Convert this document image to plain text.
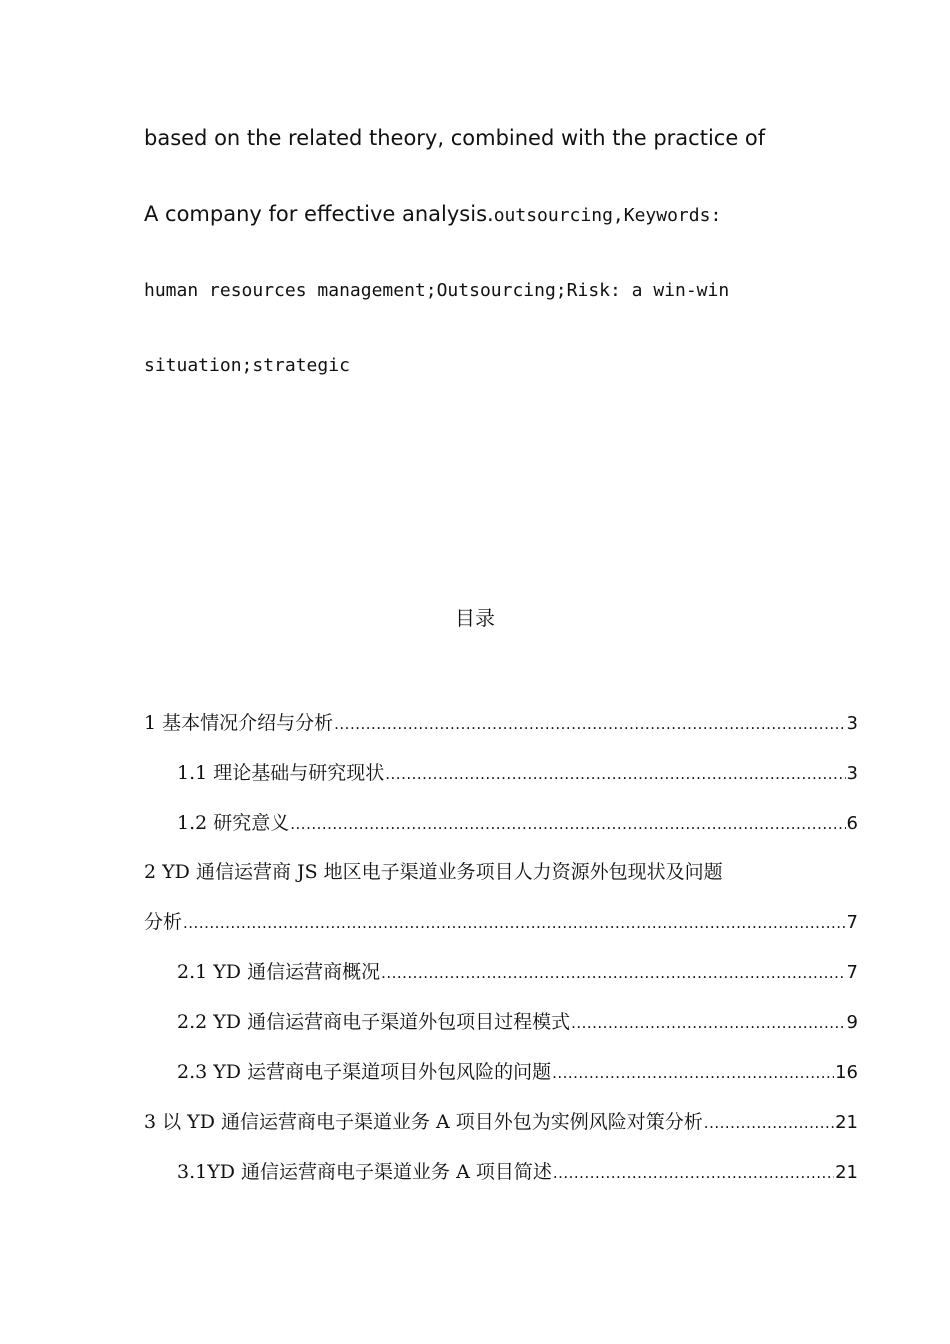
based on the related theory, combined with the practice of
A company for effective analysis.outsourcing,Keywords:
human resources management;Outsourcing;Risk: a win-win
situation;strategic
目录
1 基本情况介绍与分析 .....	3
1.1 理论基础与研究现状 .....	3
1.2 研究意义 .....	6
2 YD 通信运营商 JS 地区电子渠道业务项目人力资源外包现状及问题
分析 .....	7
2.1 YD 通信运营商概况 .....	7
2.2 YD 通信运营商电子渠道外包项目过程模式 .....	9
2.3 YD 运营商电子渠道项目外包风险的问题 .....	16
3 以 YD 通信运营商电子渠道业务 A 项目外包为实例风险对策分析 .....	21
3.1YD 通信运营商电子渠道业务 A 项目简述 .....	21
